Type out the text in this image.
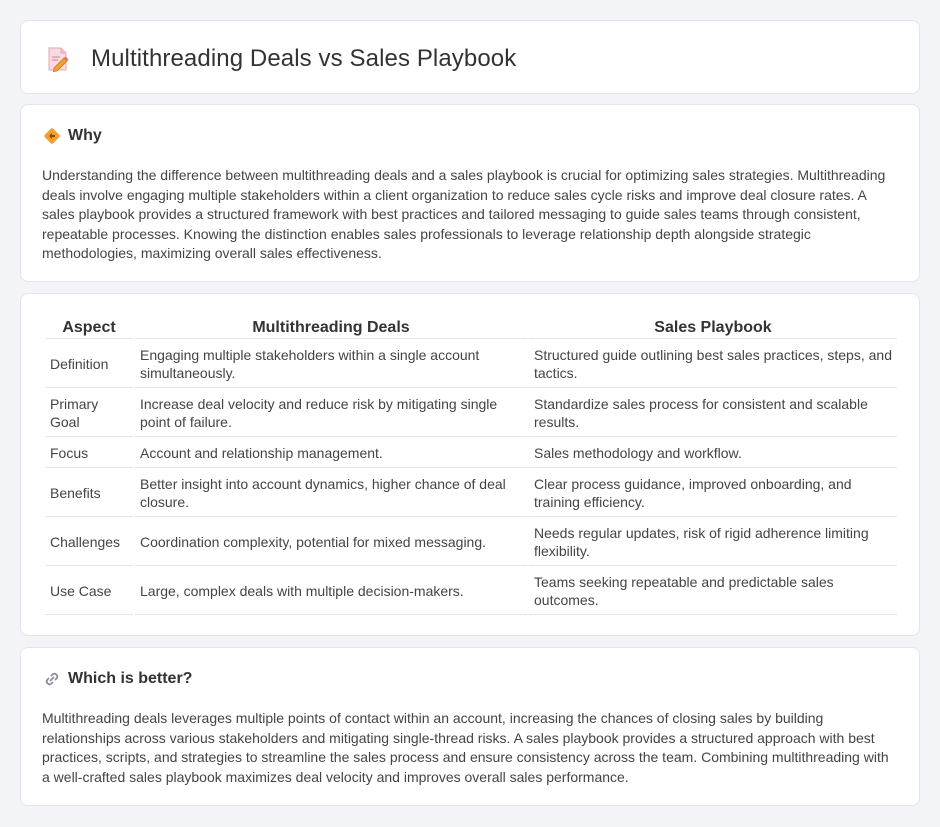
Multithreading Deals vs Sales Playbook
Why

Understanding the difference between multithreading deals and a sales playbook is crucial for optimizing sales strategies. Multithreading deals involve engaging multiple stakeholders within a client organization to reduce sales cycle risks and improve deal closure rates. A sales playbook provides a structured framework with best practices and tailored messaging to guide sales teams through consistent, repeatable processes. Knowing the distinction enables sales professionals to leverage relationship depth alongside strategic methodologies, maximizing overall sales effectiveness.

Aspect	Multithreading Deals	Sales Playbook
Definition	Engaging multiple stakeholders within a single account simultaneously.	Structured guide outlining best sales practices, steps, and tactics.
Primary Goal	Increase deal velocity and reduce risk by mitigating single point of failure.	Standardize sales process for consistent and scalable results.
Focus	Account and relationship management.	Sales methodology and workflow.
Benefits	Better insight into account dynamics, higher chance of deal closure.	Clear process guidance, improved onboarding, and training efficiency.
Challenges	Coordination complexity, potential for mixed messaging.	Needs regular updates, risk of rigid adherence limiting flexibility.
Use Case	Large, complex deals with multiple decision-makers.	Teams seeking repeatable and predictable sales outcomes.
Which is better?

Multithreading deals leverages multiple points of contact within an account, increasing the chances of closing sales by building relationships across various stakeholders and mitigating single-thread risks. A sales playbook provides a structured approach with best practices, scripts, and strategies to streamline the sales process and ensure consistency across the team. Combining multithreading with a well-crafted sales playbook maximizes deal velocity and improves overall sales performance.
